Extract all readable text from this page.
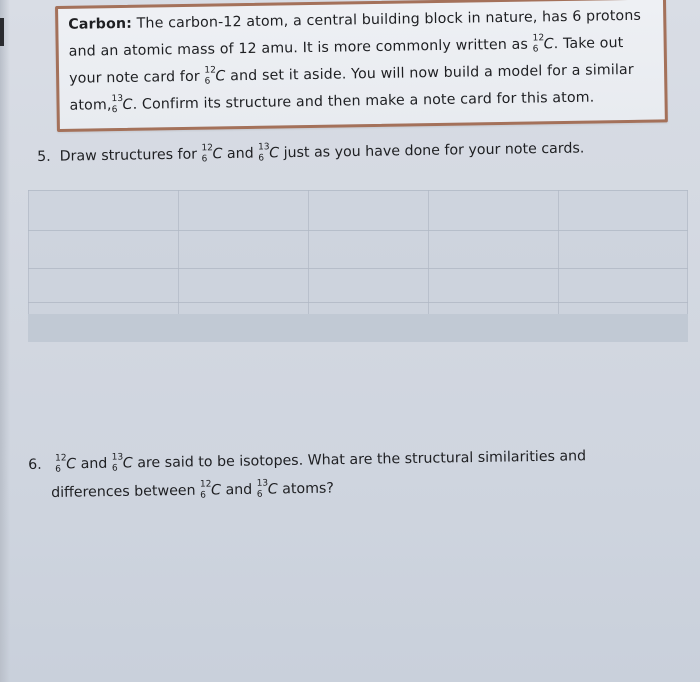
Carbon: The carbon-12 atom, a central building block in nature, has 6 protons
and an atomic mass of 12 amu. It is more commonly written as 12
6 C. Take out
your note card for 12
6 C and set it aside. You will now build a model for a similar
atom, 13
6 C. Confirm its structure and then make a note card for this atom.
5. Draw structures for 12
6 C and 13
6 C just as you have done for your note cards.
6. 12
6 C and 13
6 C are said to be isotopes. What are the structural similarities and
differences between 12
6 C and 13
6 C atoms?
